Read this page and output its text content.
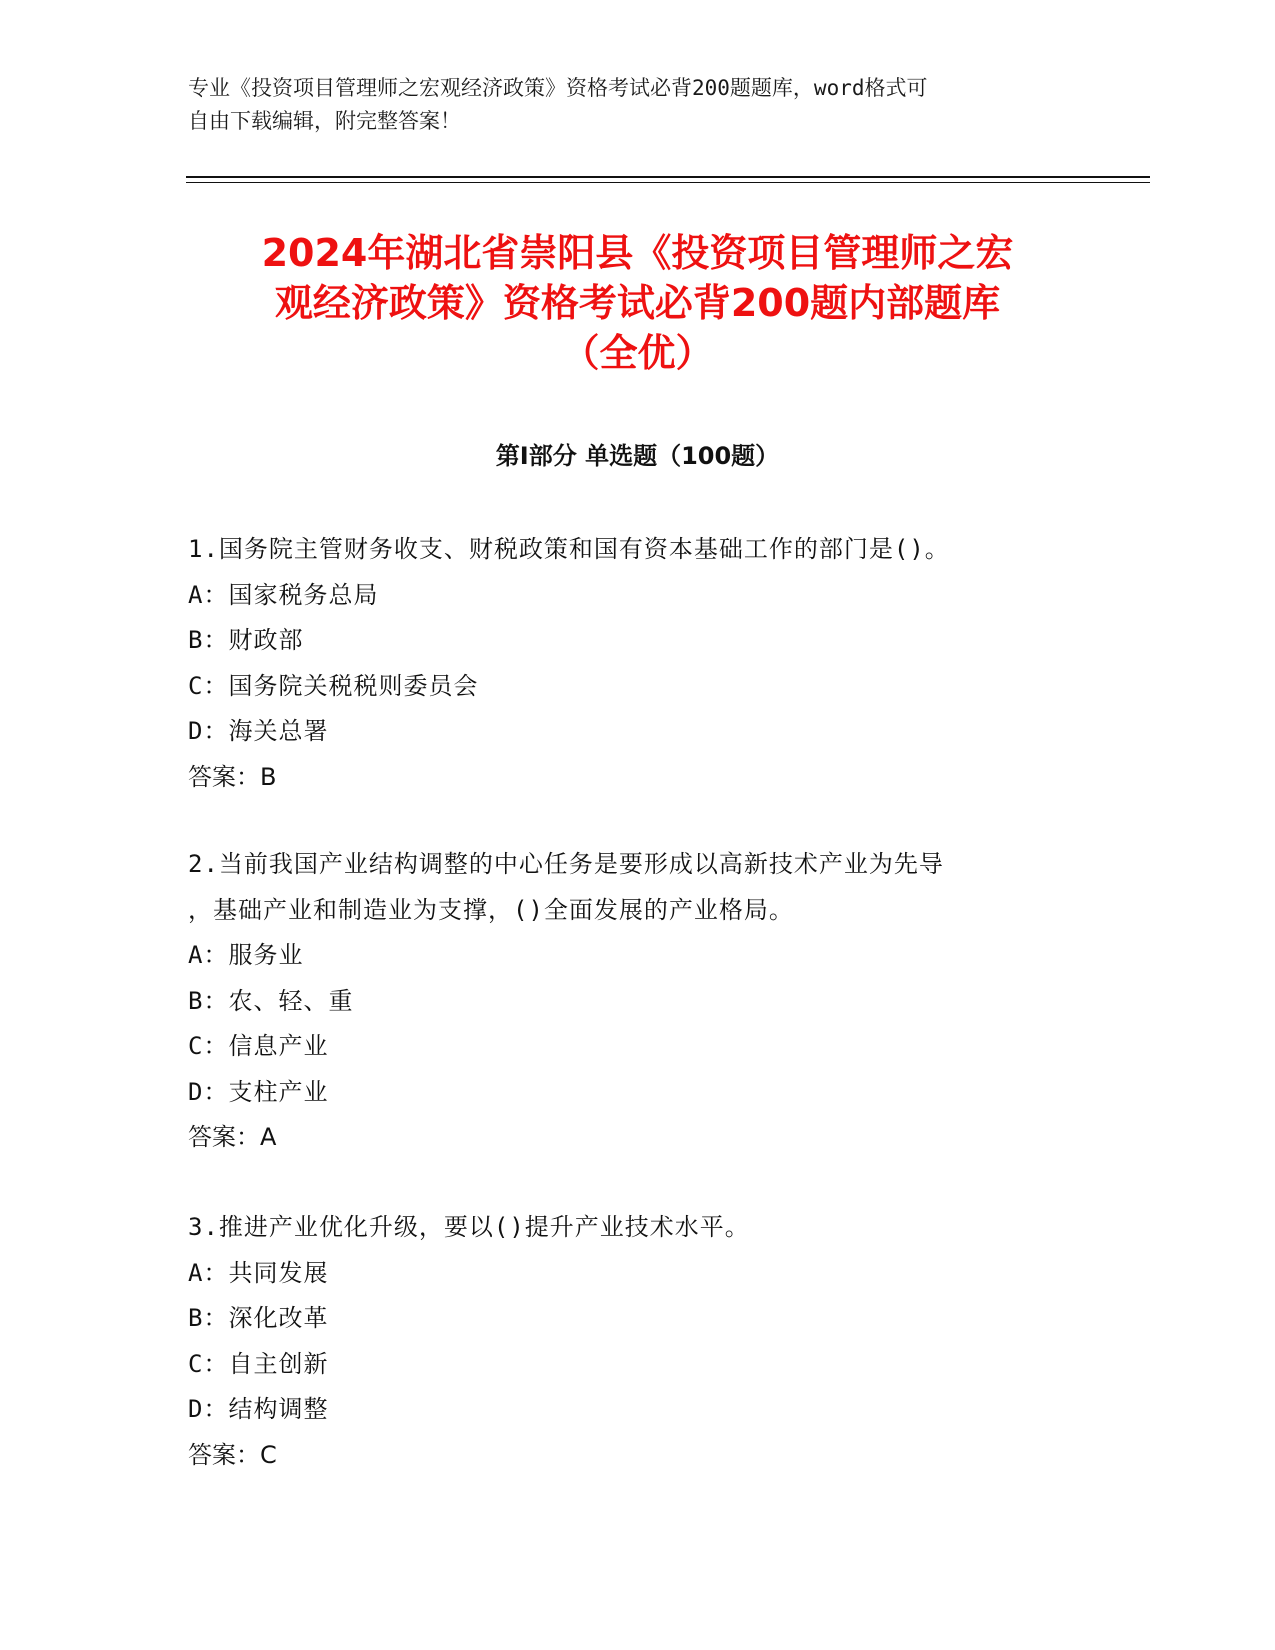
专业《投资项目管理师之宏观经济政策》资格考试必背200题题库，word格式可
自由下载编辑，附完整答案！
2024年湖北省崇阳县《投资项目管理师之宏
观经济政策》资格考试必背200题内部题库
（全优）
第Ⅰ部分 单选题（100题）
1.国务院主管财务收支、财税政策和国有资本基础工作的部门是()。
A：国家税务总局
B：财政部
C：国务院关税税则委员会
D：海关总署
答案：B
2.当前我国产业结构调整的中心任务是要形成以高新技术产业为先导
，基础产业和制造业为支撑，()全面发展的产业格局。
A：服务业
B：农、轻、重
C：信息产业
D：支柱产业
答案：A
3.推进产业优化升级，要以()提升产业技术水平。
A：共同发展
B：深化改革
C：自主创新
D：结构调整
答案：C
